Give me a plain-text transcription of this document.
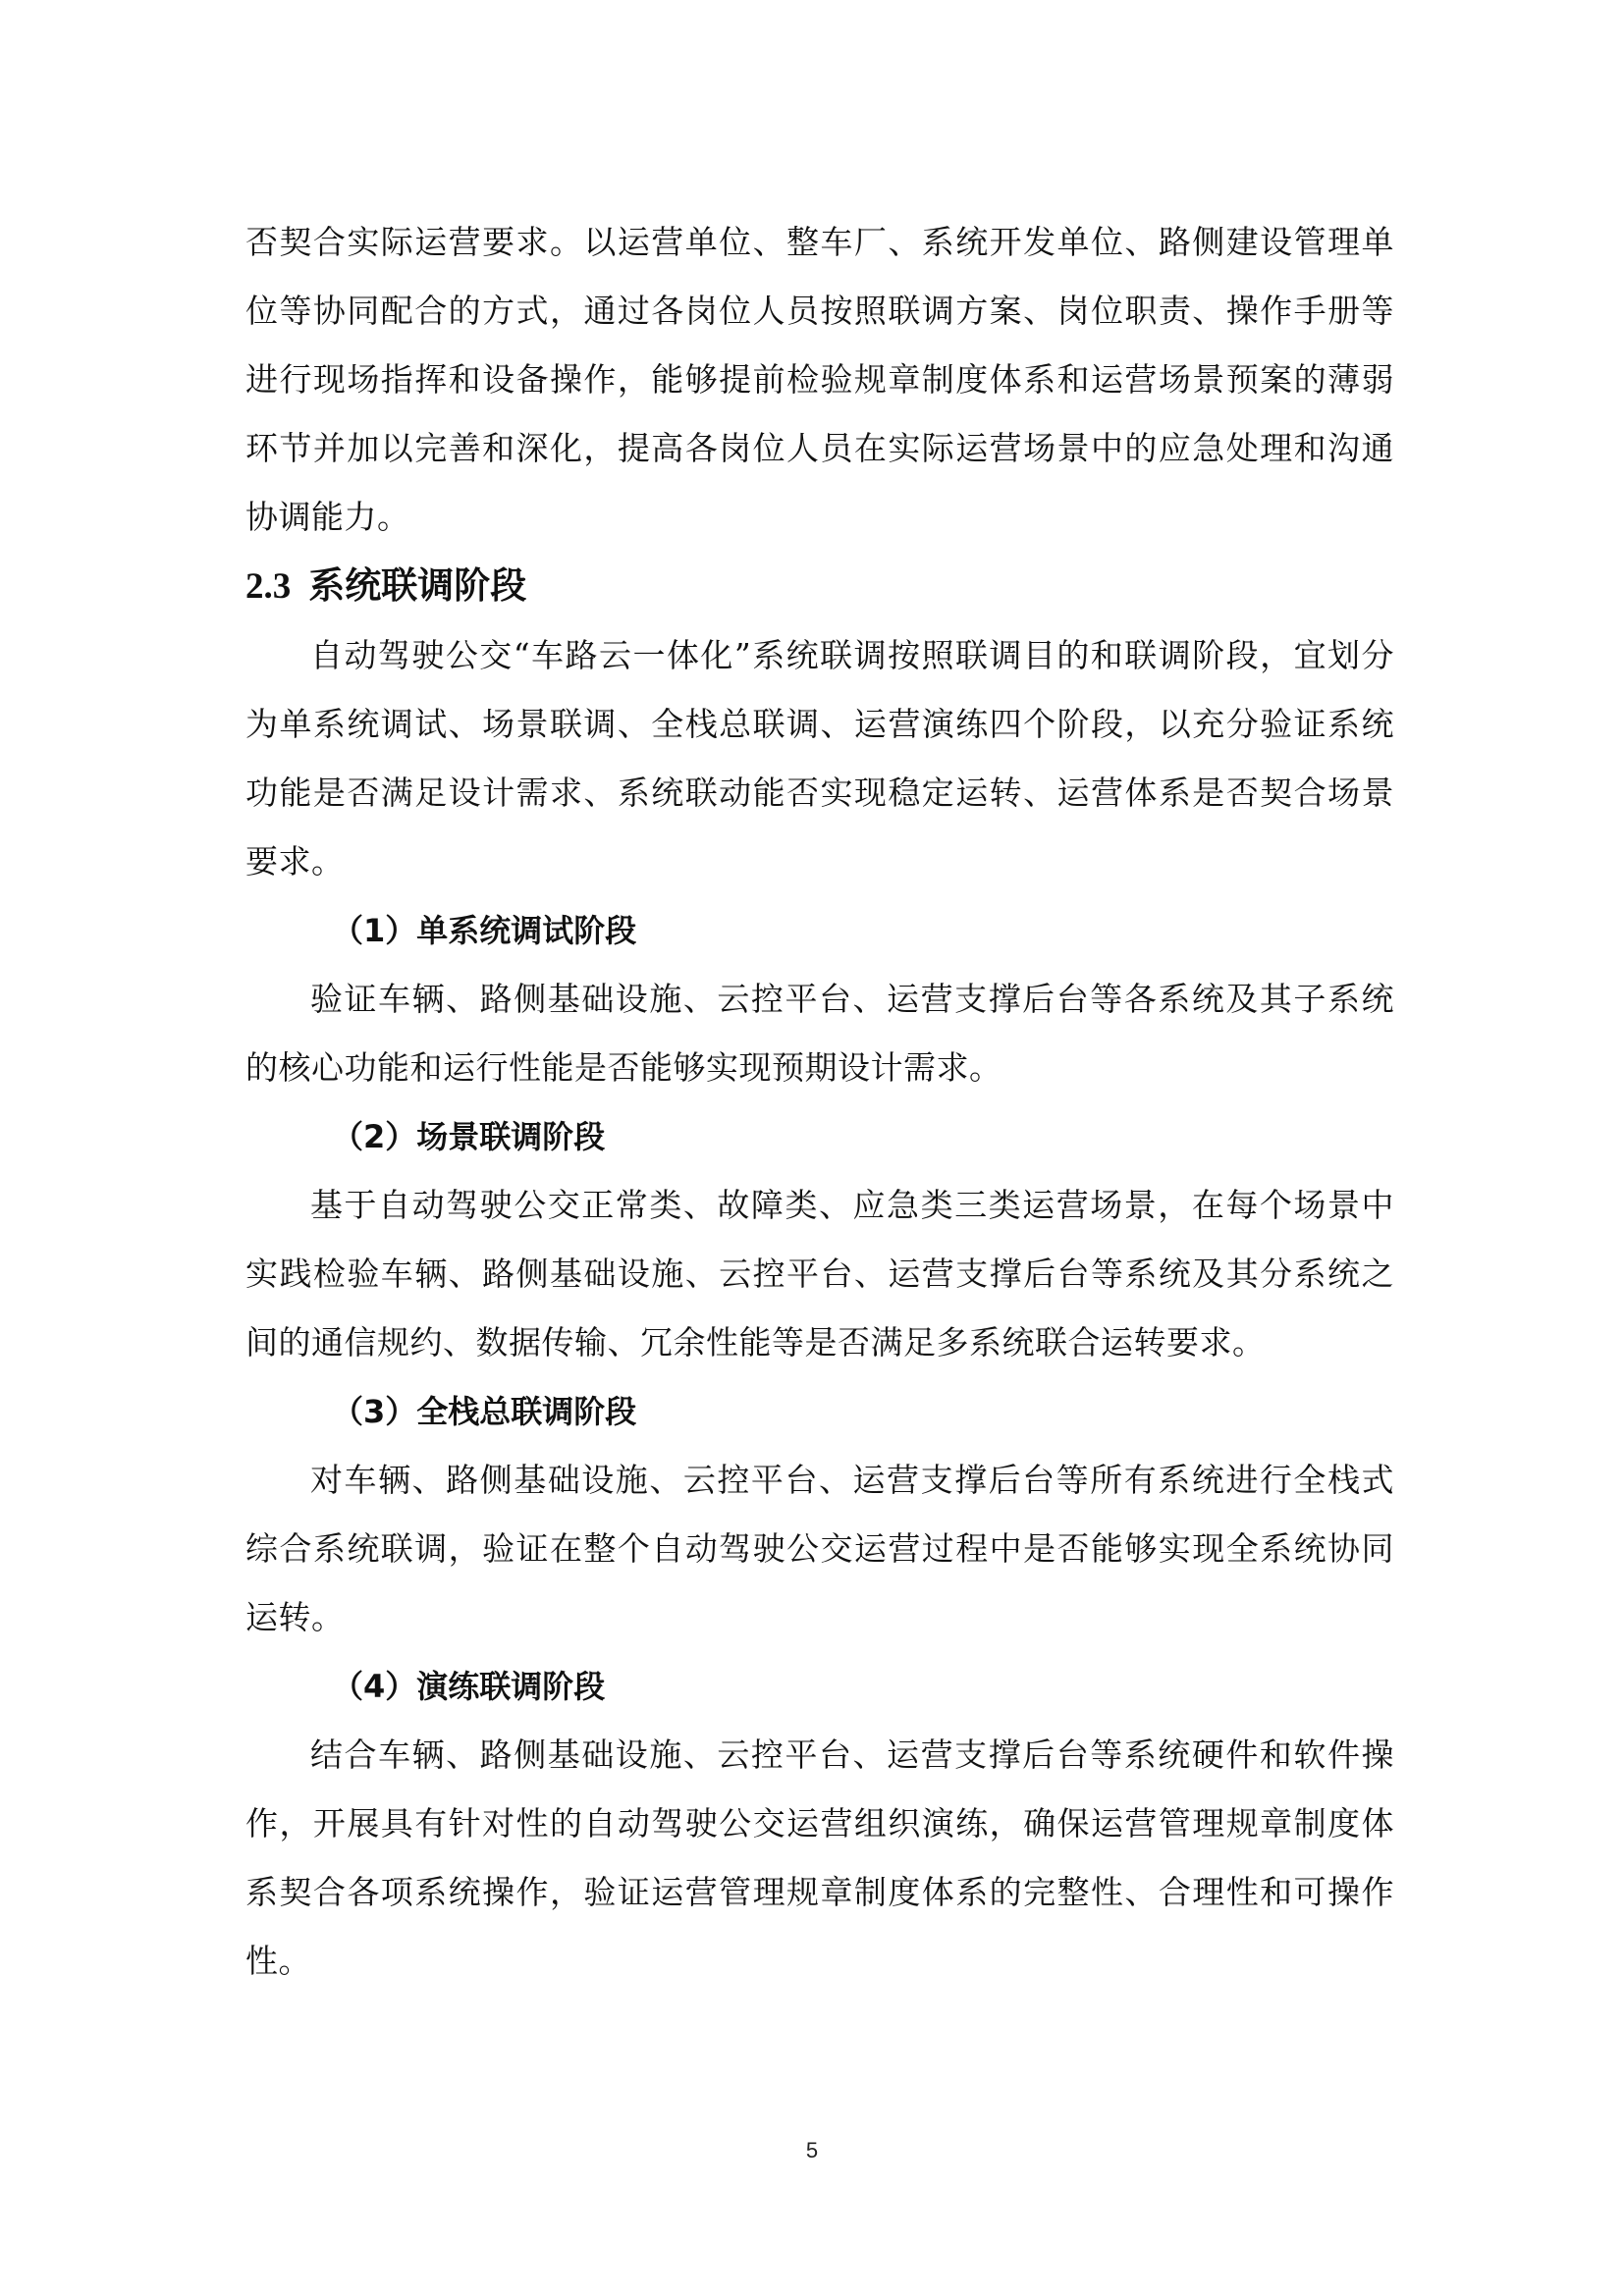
否契合实际运营要求。以运营单位、整车厂、系统开发单位、路侧建设管理单位等协同配合的方式，通过各岗位人员按照联调方案、岗位职责、操作手册等进行现场指挥和设备操作，能够提前检验规章制度体系和运营场景预案的薄弱环节并加以完善和深化，提高各岗位人员在实际运营场景中的应急处理和沟通协调能力。

2.3 系统联调阶段

自动驾驶公交“车路云一体化”系统联调按照联调目的和联调阶段，宜划分为单系统调试、场景联调、全栈总联调、运营演练四个阶段，以充分验证系统功能是否满足设计需求、系统联动能否实现稳定运转、运营体系是否契合场景要求。

（1）单系统调试阶段

验证车辆、路侧基础设施、云控平台、运营支撑后台等各系统及其子系统的核心功能和运行性能是否能够实现预期设计需求。

（2）场景联调阶段

基于自动驾驶公交正常类、故障类、应急类三类运营场景，在每个场景中实践检验车辆、路侧基础设施、云控平台、运营支撑后台等系统及其分系统之间的通信规约、数据传输、冗余性能等是否满足多系统联合运转要求。

（3）全栈总联调阶段

对车辆、路侧基础设施、云控平台、运营支撑后台等所有系统进行全栈式综合系统联调，验证在整个自动驾驶公交运营过程中是否能够实现全系统协同运转。

（4）演练联调阶段

结合车辆、路侧基础设施、云控平台、运营支撑后台等系统硬件和软件操作，开展具有针对性的自动驾驶公交运营组织演练，确保运营管理规章制度体系契合各项系统操作，验证运营管理规章制度体系的完整性、合理性和可操作性。

5
